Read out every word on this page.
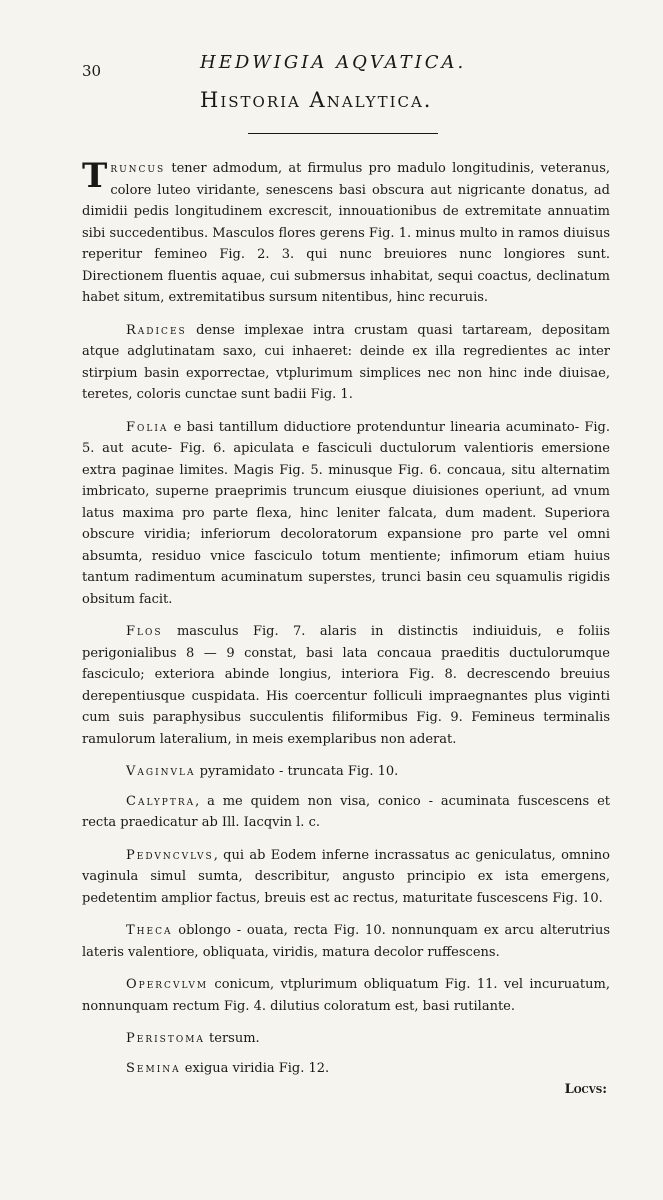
30	HEDWIGIA AQVATICA.
Historia Analytica.

Truncus tener admodum, at firmulus pro madulo longitudinis, veteranus, colore luteo viridante, senescens basi obscura aut nigricante donatus, ad dimidii pedis longitudinem excrescit, innouationibus de extremitate annuatim sibi succedentibus. Masculos flores gerens Fig. 1. minus multo in ramos diuisus reperitur femineo Fig. 2. 3. qui nunc breuiores nunc longiores sunt. Directionem fluentis aquae, cui submersus inhabitat, sequi coactus, declinatum habet situm, extremitatibus sursum nitentibus, hinc recuruis.

Radices dense implexae intra crustam quasi tartaream, depositam atque adglutinatam saxo, cui inhaeret: deinde ex illa regredientes ac inter stirpium basin exporrectae, vtplurimum simplices nec non hinc inde diuisae, teretes, coloris cunctae sunt badii Fig. 1.

Folia e basi tantillum diductiore protenduntur linearia acuminato- Fig. 5. aut acute- Fig. 6. apiculata e fasciculi ductulorum valentioris emersione extra paginae limites. Magis Fig. 5. minusque Fig. 6. concaua, situ alternatim imbricato, superne praeprimis truncum eiusque diuisiones operiunt, ad vnum latus maxima pro parte flexa, hinc leniter falcata, dum madent. Superiora obscure viridia; inferiorum decoloratorum expansione pro parte vel omni absumta, residuo vnice fasciculo totum mentiente; infimorum etiam huius tantum radimentum acuminatum superstes, trunci basin ceu squamulis rigidis obsitum facit.

Flos masculus Fig. 7. alaris in distinctis indiuiduis, e foliis perigonialibus 8 — 9 constat, basi lata concaua praeditis ductulorumque fasciculo; exteriora abinde longius, interiora Fig. 8. decrescendo breuius derepentiusque cuspidata. His coercentur folliculi impraegnantes plus viginti cum suis paraphysibus succulentis filiformibus Fig. 9. Femineus terminalis ramulorum lateralium, in meis exemplaribus non aderat.

Vaginvla pyramidato - truncata Fig. 10.

Calyptra, a me quidem non visa, conico - acuminata fuscescens et recta praedicatur ab Ill. Iacqvin l. c.

Pedvncvlvs, qui ab Eodem inferne incrassatus ac geniculatus, omnino vaginula simul sumta, describitur, angusto principio ex ista emergens, pedetentim amplior factus, breuis est ac rectus, maturitate fuscescens Fig. 10.

Theca oblongo - ouata, recta Fig. 10. nonnunquam ex arcu alterutrius lateris valentiore, obliquata, viridis, matura decolor ruffescens.

Opercvlvm conicum, vtplurimum obliquatum Fig. 11. vel incuruatum, nonnunquam rectum Fig. 4. dilutius coloratum est, basi rutilante.

Peristoma tersum.

Semina exigua viridia Fig. 12.

Locvs:
